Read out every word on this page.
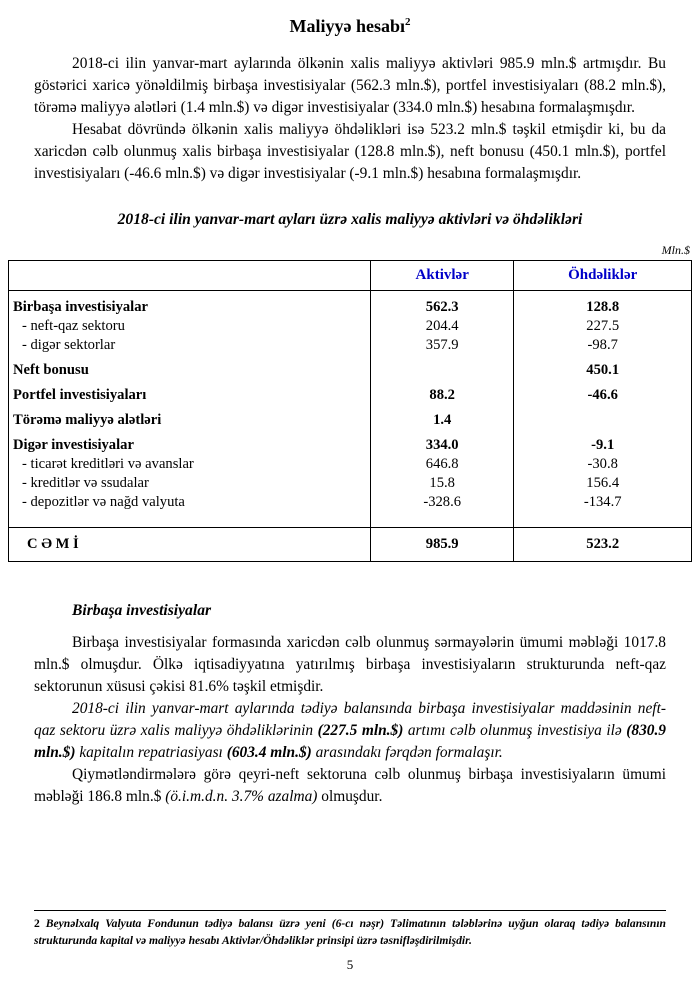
Maliyyə hesabı$^2$

2018-ci ilin yanvar-mart aylarında ölkənin xalis maliyyə aktivləri 985.9 mln.$ artmışdır. Bu göstərici xaricə yönəldilmiş birbaşa investisiyalar (562.3 mln.$), portfel investisiyaları (88.2 mln.$), törəmə maliyyə alətləri (1.4 mln.$) və digər investisiyalar (334.0 mln.$) hesabına formalaşmışdır.

Hesabat dövründə ölkənin xalis maliyyə öhdəlikləri isə 523.2 mln.$ təşkil etmişdir ki, bu da xaricdən cəlb olunmuş xalis birbaşa investisiyalar (128.8 mln.$), neft bonusu (450.1 mln.$), portfel investisiyaları (-46.6 mln.$) və digər investisiyalar (-9.1 mln.$) hesabına formalaşmışdır.

2018-ci ilin yanvar-mart ayları üzrə xalis maliyyə aktivləri və öhdəlikləri
Mln.$
	Aktivlər	Öhdəliklər
Birbaşa investisiyalar	562.3	128.8
- neft-qaz sektoru	204.4	227.5
- digər sektorlar	357.9	-98.7
Neft bonusu		450.1
Portfel investisiyaları	88.2	-46.6
Törəmə maliyyə alətləri	1.4	
Digər investisiyalar	334.0	-9.1
- ticarət kreditləri və avanslar	646.8	-30.8
- kreditlər və ssudalar	15.8	156.4
- depozitlər və nağd valyuta	-328.6	-134.7

C Ə M İ	985.9	523.2
Birbaşa investisiyalar

Birbaşa investisiyalar formasında xaricdən cəlb olunmuş sərmayələrin ümumi məbləği 1017.8 mln.$ olmuşdur. Ölkə iqtisadiyyatına yatırılmış birbaşa investisiyaların strukturunda neft-qaz sektorunun xüsusi çəkisi 81.6% təşkil etmişdir.

2018-ci ilin yanvar-mart aylarında tədiyə balansında birbaşa investisiyalar maddəsinin neft-qaz sektoru üzrə xalis maliyyə öhdəliklərinin (227.5 mln.$) artımı cəlb olunmuş investisiya ilə (830.9 mln.$) kapitalın repatriasiyası (603.4 mln.$) arasındakı fərqdən formalaşır.

Qiymətləndirmələrə görə qeyri-neft sektoruna cəlb olunmuş birbaşa investisiyaların ümumi məbləği 186.8 mln.$ (ö.i.m.d.n. 3.7% azalma) olmuşdur.

2 Beynəlxalq Valyuta Fondunun tədiyə balansı üzrə yeni (6-cı nəşr) Təlimatının tələblərinə uyğun olaraq tədiyə balansının strukturunda kapital və maliyyə hesabı Aktivlər/Öhdəliklər prinsipi üzrə təsnifləşdirilmişdir.

5
